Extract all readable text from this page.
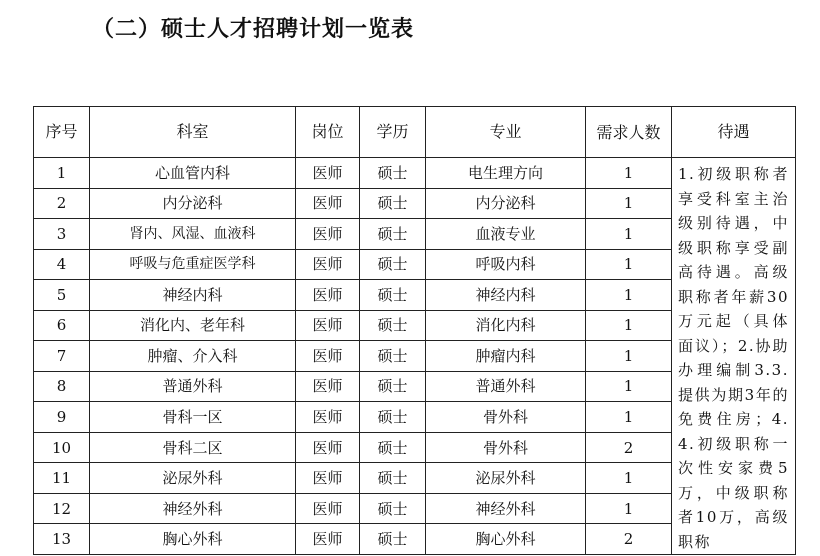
（二）硕士人才招聘计划一览表
序号	科室	岗位	学历	专业	需求人数	待遇
1	心血管内科	医师	硕士	电生理方向	1	1.初级职称者享受科室主治级别待遇，中级职称享受副高待遇。高级职称者年薪30万元起（具体面议）；2.协助办理编制3.3.提供为期3年的免费住房；4.4.初级职称一次性安家费5万，中级职称者10万，高级职称
2	内分泌科	医师	硕士	内分泌科	1	
3	肾内、风湿、血液科	医师	硕士	血液专业	1	
4	呼吸与危重症医学科	医师	硕士	呼吸内科	1	
5	神经内科	医师	硕士	神经内科	1	
6	消化内、老年科	医师	硕士	消化内科	1	
7	肿瘤、介入科	医师	硕士	肿瘤内科	1	
8	普通外科	医师	硕士	普通外科	1	
9	骨科一区	医师	硕士	骨外科	1	
10	骨科二区	医师	硕士	骨外科	2	
11	泌尿外科	医师	硕士	泌尿外科	1	
12	神经外科	医师	硕士	神经外科	1	
13	胸心外科	医师	硕士	胸心外科	2	
